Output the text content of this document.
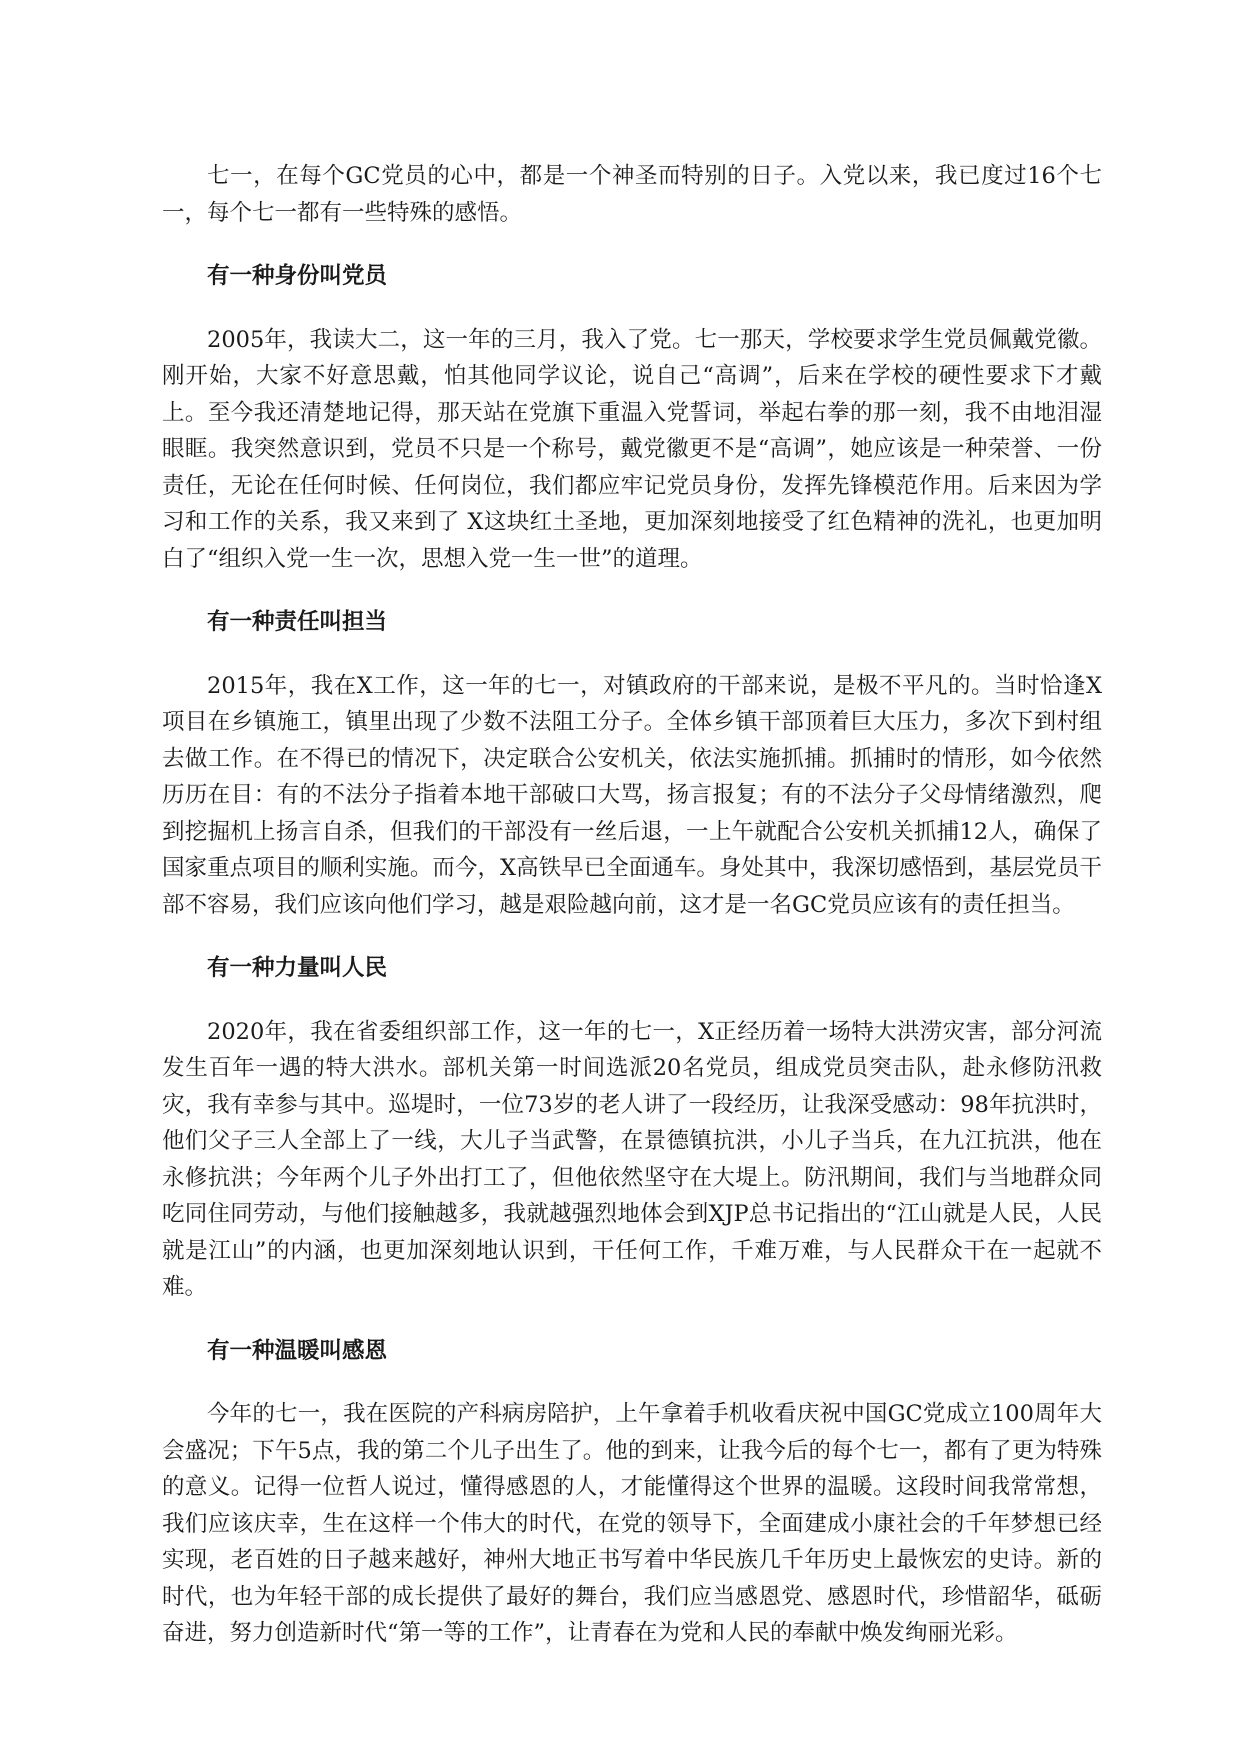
七一，在每个GC党员的心中，都是一个神圣而特别的日子。入党以来，我已度过16个七一，每个七一都有一些特殊的感悟。

有一种身份叫党员

2005年，我读大二，这一年的三月，我入了党。七一那天，学校要求学生党员佩戴党徽。刚开始，大家不好意思戴，怕其他同学议论，说自己“高调”，后来在学校的硬性要求下才戴上。至今我还清楚地记得，那天站在党旗下重温入党誓词，举起右拳的那一刻，我不由地泪湿眼眶。我突然意识到，党员不只是一个称号，戴党徽更不是“高调”，她应该是一种荣誉、一份责任，无论在任何时候、任何岗位，我们都应牢记党员身份，发挥先锋模范作用。后来因为学习和工作的关系，我又来到了 X这块红土圣地，更加深刻地接受了红色精神的洗礼，也更加明白了“组织入党一生一次，思想入党一生一世”的道理。

有一种责任叫担当

2015年，我在X工作，这一年的七一，对镇政府的干部来说，是极不平凡的。当时恰逢X项目在乡镇施工，镇里出现了少数不法阻工分子。全体乡镇干部顶着巨大压力，多次下到村组去做工作。在不得已的情况下，决定联合公安机关，依法实施抓捕。抓捕时的情形，如今依然历历在目：有的不法分子指着本地干部破口大骂，扬言报复；有的不法分子父母情绪激烈，爬到挖掘机上扬言自杀，但我们的干部没有一丝后退，一上午就配合公安机关抓捕12人，确保了国家重点项目的顺利实施。而今，X高铁早已全面通车。身处其中，我深切感悟到，基层党员干部不容易，我们应该向他们学习，越是艰险越向前，这才是一名GC党员应该有的责任担当。

有一种力量叫人民

2020年，我在省委组织部工作，这一年的七一，X正经历着一场特大洪涝灾害，部分河流发生百年一遇的特大洪水。部机关第一时间选派20名党员，组成党员突击队，赴永修防汛救灾，我有幸参与其中。巡堤时，一位73岁的老人讲了一段经历，让我深受感动：98年抗洪时，他们父子三人全部上了一线，大儿子当武警，在景德镇抗洪，小儿子当兵，在九江抗洪，他在永修抗洪；今年两个儿子外出打工了，但他依然坚守在大堤上。防汛期间，我们与当地群众同吃同住同劳动，与他们接触越多，我就越强烈地体会到XJP总书记指出的“江山就是人民，人民就是江山”的内涵，也更加深刻地认识到，干任何工作，千难万难，与人民群众干在一起就不难。

有一种温暖叫感恩

今年的七一，我在医院的产科病房陪护，上午拿着手机收看庆祝中国GC党成立100周年大会盛况；下午5点，我的第二个儿子出生了。他的到来，让我今后的每个七一，都有了更为特殊的意义。记得一位哲人说过，懂得感恩的人，才能懂得这个世界的温暖。这段时间我常常想，我们应该庆幸，生在这样一个伟大的时代，在党的领导下，全面建成小康社会的千年梦想已经实现，老百姓的日子越来越好，神州大地正书写着中华民族几千年历史上最恢宏的史诗。新的时代，也为年轻干部的成长提供了最好的舞台，我们应当感恩党、感恩时代，珍惜韶华，砥砺奋进，努力创造新时代“第一等的工作”，让青春在为党和人民的奉献中焕发绚丽光彩。
